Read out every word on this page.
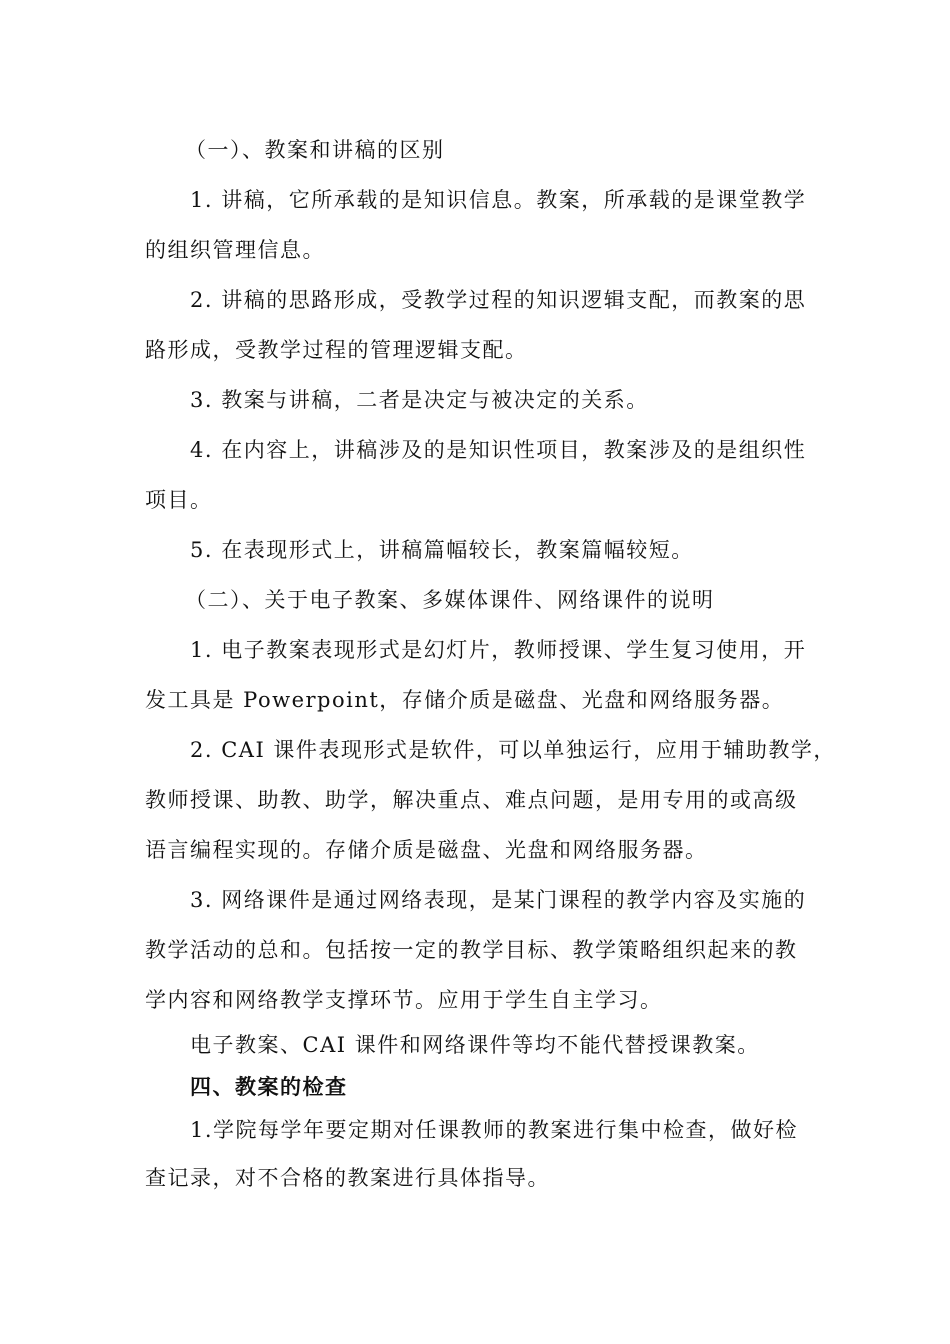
（一）、教案和讲稿的区别
1. 讲稿，它所承载的是知识信息。教案，所承载的是课堂教学
的组织管理信息。
2. 讲稿的思路形成，受教学过程的知识逻辑支配，而教案的思
路形成，受教学过程的管理逻辑支配。
3. 教案与讲稿，二者是决定与被决定的关系。
4. 在内容上，讲稿涉及的是知识性项目，教案涉及的是组织性
项目。
5. 在表现形式上，讲稿篇幅较长，教案篇幅较短。
（二）、关于电子教案、多媒体课件、网络课件的说明
1. 电子教案表现形式是幻灯片，教师授课、学生复习使用，开
发工具是 Powerpoint，存储介质是磁盘、光盘和网络服务器。
2. CAI 课件表现形式是软件，可以单独运行，应用于辅助教学，
教师授课、助教、助学，解决重点、难点问题，是用专用的或高级
语言编程实现的。存储介质是磁盘、光盘和网络服务器。
3. 网络课件是通过网络表现，是某门课程的教学内容及实施的
教学活动的总和。包括按一定的教学目标、教学策略组织起来的教
学内容和网络教学支撑环节。应用于学生自主学习。
电子教案、CAI 课件和网络课件等均不能代替授课教案。
四、教案的检查
1.学院每学年要定期对任课教师的教案进行集中检查，做好检
查记录，对不合格的教案进行具体指导。
